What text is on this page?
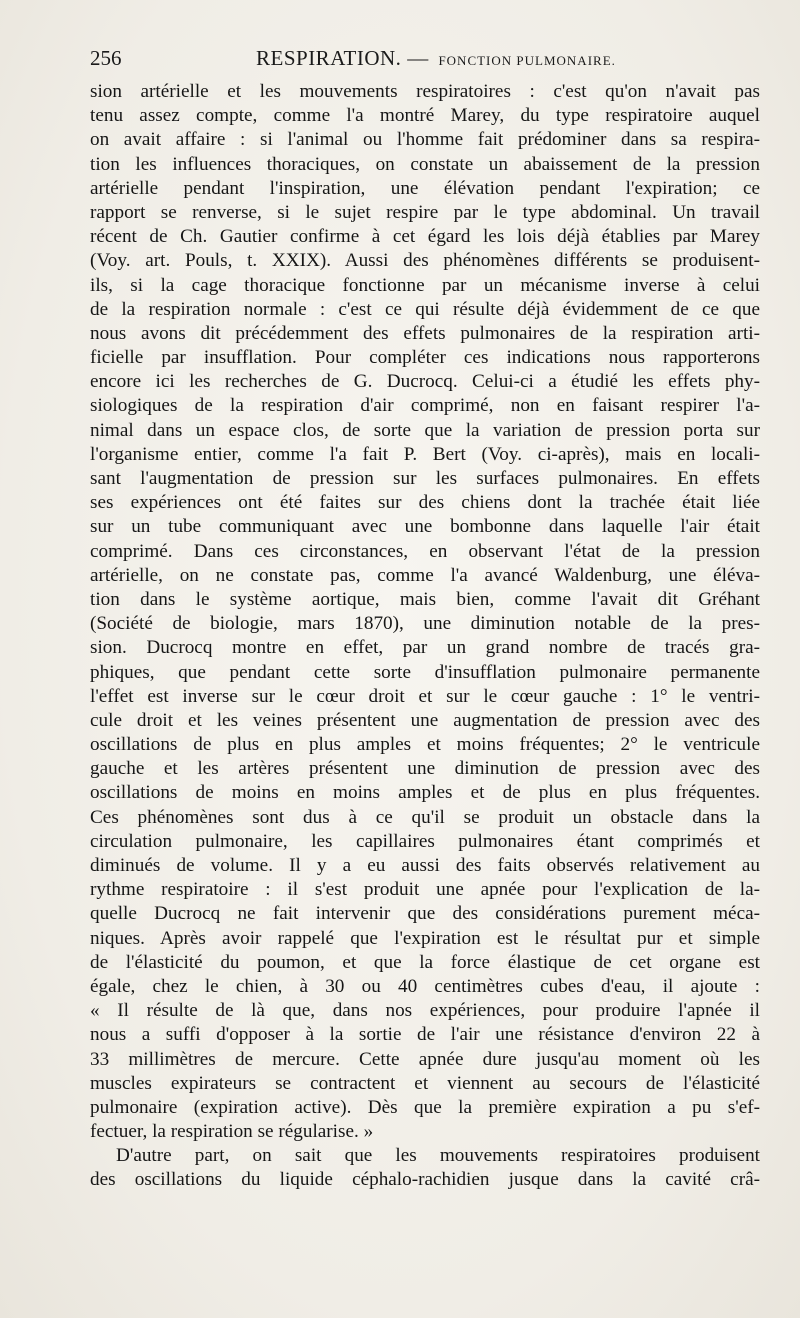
256	RESPIRATION. — FONCTION PULMONAIRE.
sion artérielle et les mouvements respiratoires : c'est qu'on n'avait pas
tenu assez compte, comme l'a montré Marey, du type respiratoire auquel
on avait affaire : si l'animal ou l'homme fait prédominer dans sa respira-
tion les influences thoraciques, on constate un abaissement de la pression
artérielle pendant l'inspiration, une élévation pendant l'expiration; ce
rapport se renverse, si le sujet respire par le type abdominal. Un travail
récent de Ch. Gautier confirme à cet égard les lois déjà établies par Marey
(Voy. art. Pouls, t. XXIX). Aussi des phénomènes différents se produisent-
ils, si la cage thoracique fonctionne par un mécanisme inverse à celui
de la respiration normale : c'est ce qui résulte déjà évidemment de ce que
nous avons dit précédemment des effets pulmonaires de la respiration arti-
ficielle par insufflation. Pour compléter ces indications nous rapporterons
encore ici les recherches de G. Ducrocq. Celui-ci a étudié les effets phy-
siologiques de la respiration d'air comprimé, non en faisant respirer l'a-
nimal dans un espace clos, de sorte que la variation de pression porta sur
l'organisme entier, comme l'a fait P. Bert (Voy. ci-après), mais en locali-
sant l'augmentation de pression sur les surfaces pulmonaires. En effets
ses expériences ont été faites sur des chiens dont la trachée était liée
sur un tube communiquant avec une bombonne dans laquelle l'air était
comprimé. Dans ces circonstances, en observant l'état de la pression
artérielle, on ne constate pas, comme l'a avancé Waldenburg, une éléva-
tion dans le système aortique, mais bien, comme l'avait dit Gréhant
(Société de biologie, mars 1870), une diminution notable de la pres-
sion. Ducrocq montre en effet, par un grand nombre de tracés gra-
phiques, que pendant cette sorte d'insufflation pulmonaire permanente
l'effet est inverse sur le cœur droit et sur le cœur gauche : 1° le ventri-
cule droit et les veines présentent une augmentation de pression avec des
oscillations de plus en plus amples et moins fréquentes; 2° le ventricule
gauche et les artères présentent une diminution de pression avec des
oscillations de moins en moins amples et de plus en plus fréquentes.
Ces phénomènes sont dus à ce qu'il se produit un obstacle dans la
circulation pulmonaire, les capillaires pulmonaires étant comprimés et
diminués de volume. Il y a eu aussi des faits observés relativement au
rythme respiratoire : il s'est produit une apnée pour l'explication de la-
quelle Ducrocq ne fait intervenir que des considérations purement méca-
niques. Après avoir rappelé que l'expiration est le résultat pur et simple
de l'élasticité du poumon, et que la force élastique de cet organe est
égale, chez le chien, à 30 ou 40 centimètres cubes d'eau, il ajoute :
« Il résulte de là que, dans nos expériences, pour produire l'apnée il
nous a suffi d'opposer à la sortie de l'air une résistance d'environ 22 à
33 millimètres de mercure. Cette apnée dure jusqu'au moment où les
muscles expirateurs se contractent et viennent au secours de l'élasticité
pulmonaire (expiration active). Dès que la première expiration a pu s'ef-
fectuer, la respiration se régularise. »
D'autre part, on sait que les mouvements respiratoires produisent
des oscillations du liquide céphalo-rachidien jusque dans la cavité crâ-
